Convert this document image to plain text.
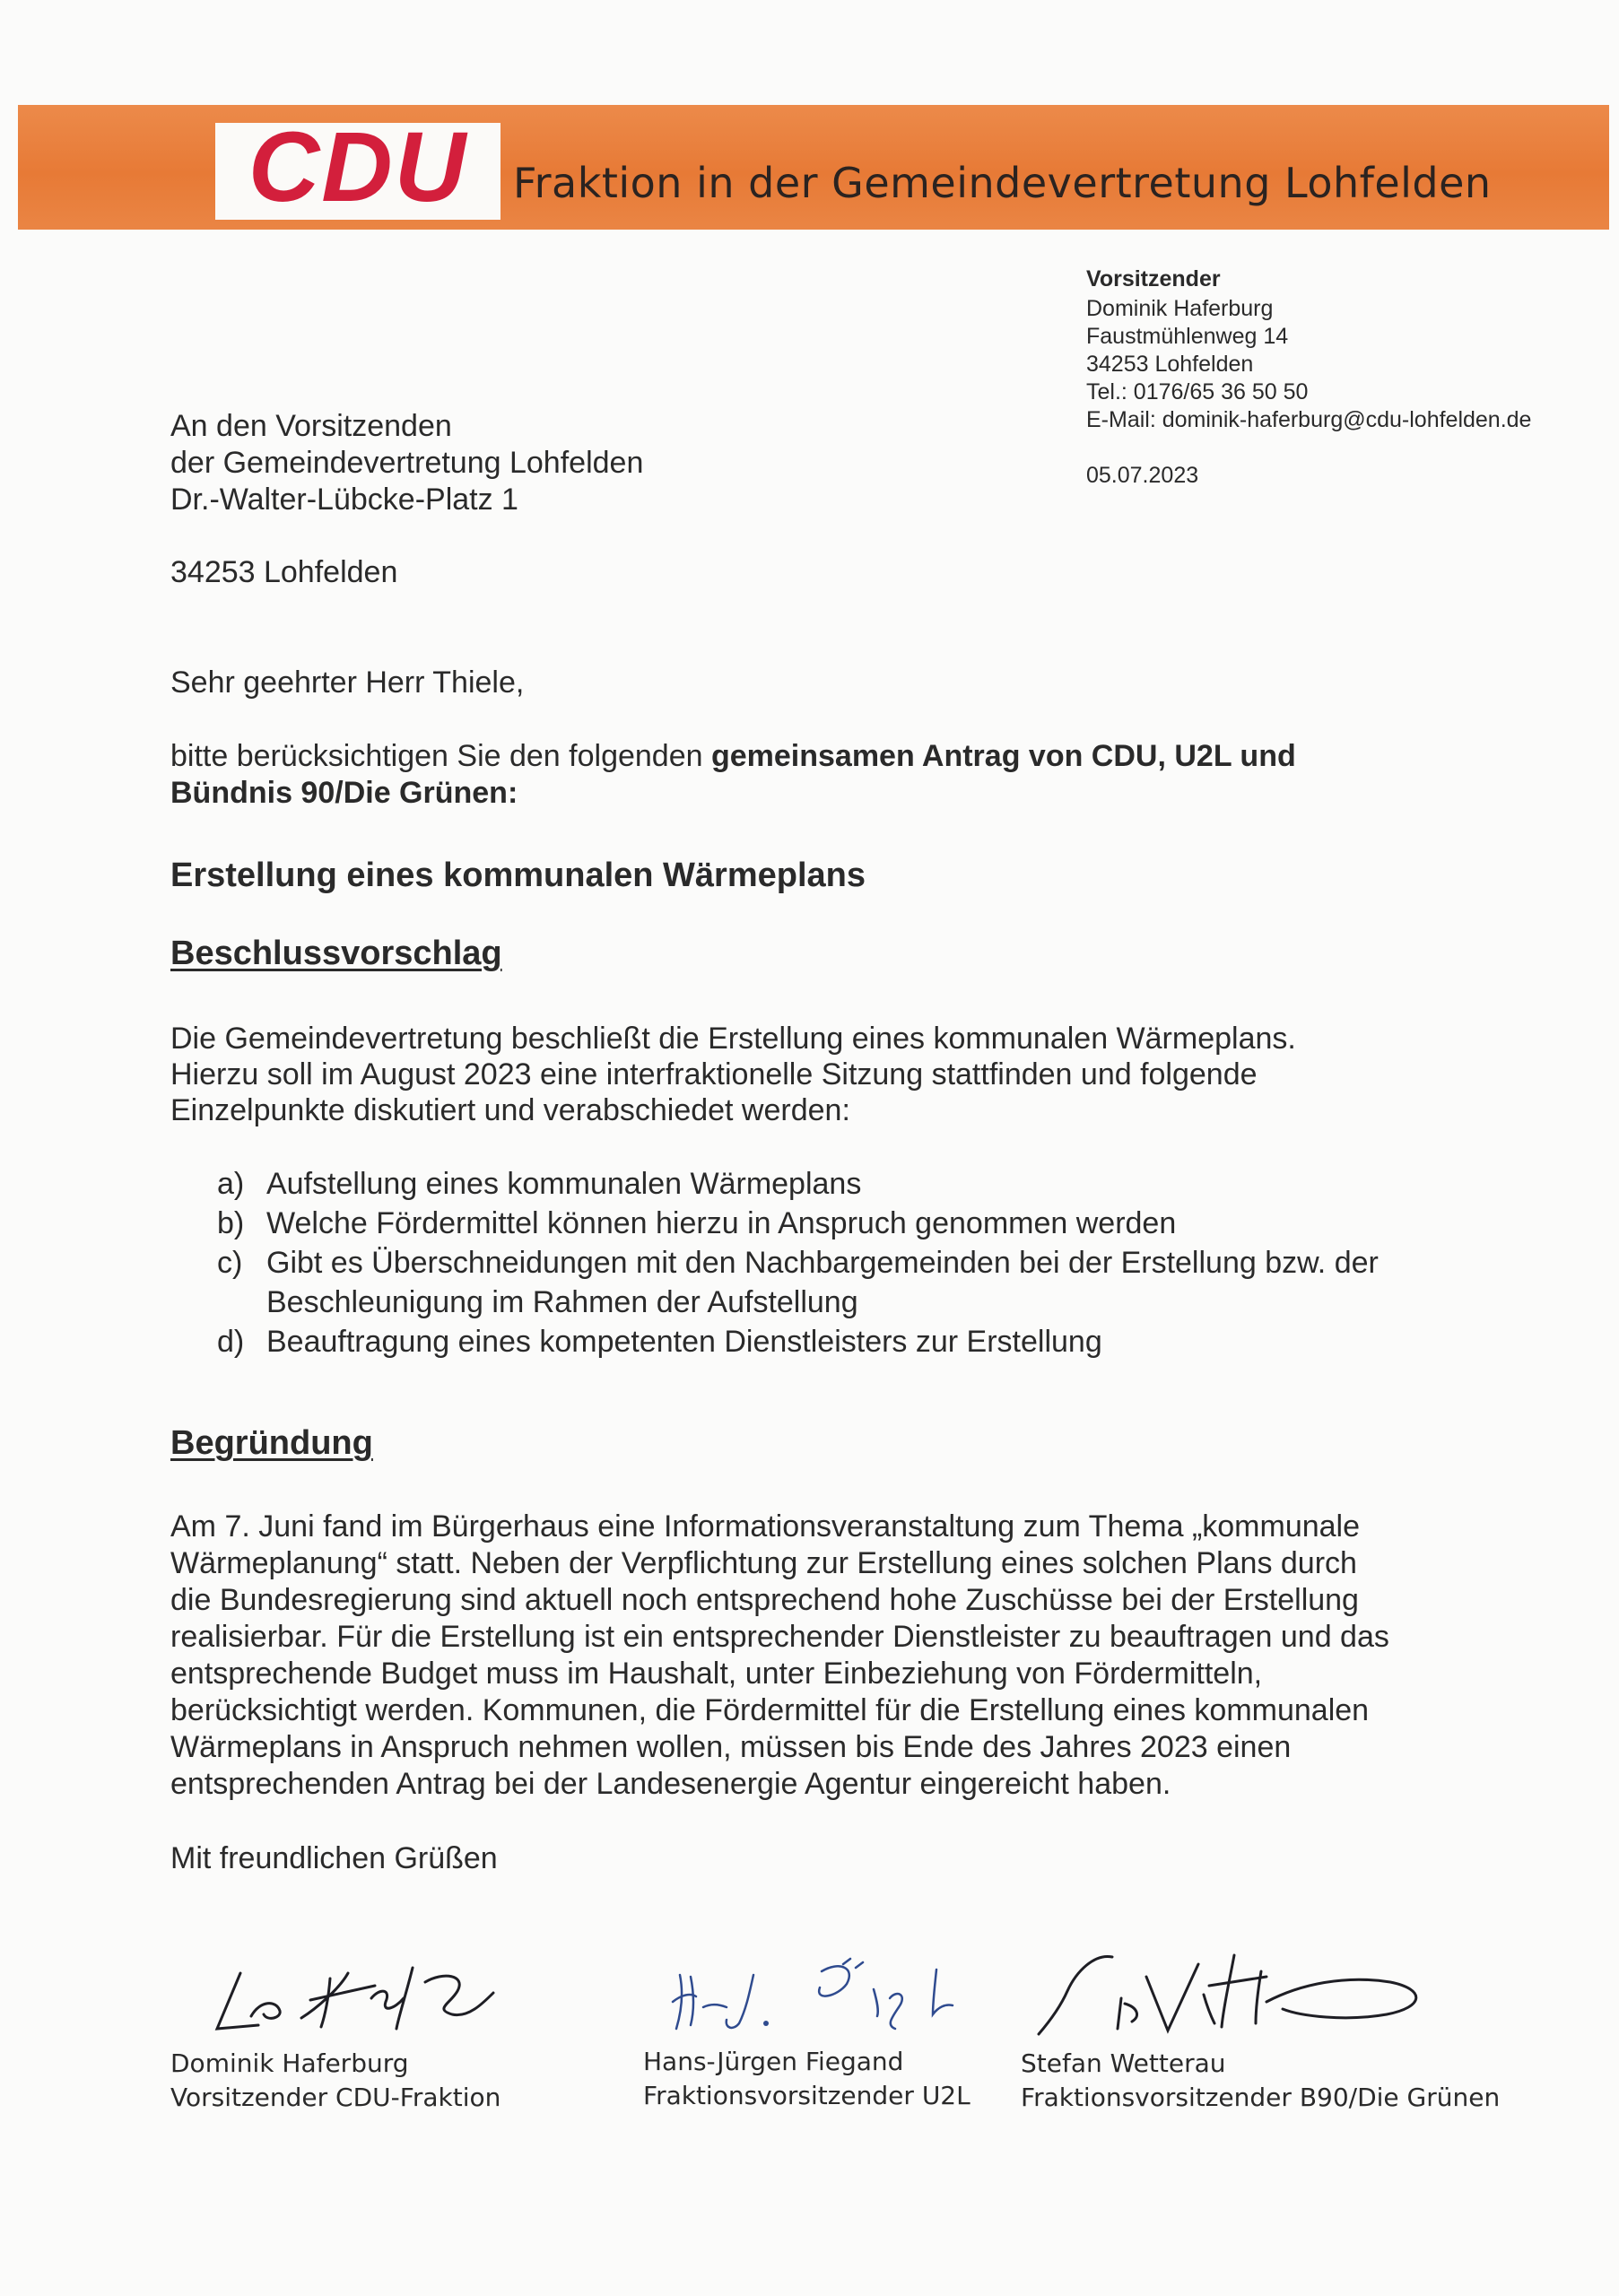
CDU	Fraktion in der Gemeindevertretung Lohfelden
Vorsitzender
Dominik Haferburg
Faustmühlenweg 14
34253 Lohfelden
Tel.: 0176/65 36 50 50
E-Mail: dominik-haferburg@cdu-lohfelden.de
05.07.2023
An den Vorsitzenden
der Gemeindevertretung Lohfelden
Dr.-Walter-Lübcke-Platz 1
34253 Lohfelden
Sehr geehrter Herr Thiele,
bitte berücksichtigen Sie den folgenden gemeinsamen Antrag von CDU, U2L und
Bündnis 90/Die Grünen:
Erstellung eines kommunalen Wärmeplans
Beschlussvorschlag
Die Gemeindevertretung beschließt die Erstellung eines kommunalen Wärmeplans.
Hierzu soll im August 2023 eine interfraktionelle Sitzung stattfinden und folgende
Einzelpunkte diskutiert und verabschiedet werden:
a) Aufstellung eines kommunalen Wärmeplans
b) Welche Fördermittel können hierzu in Anspruch genommen werden
c) Gibt es Überschneidungen mit den Nachbargemeinden bei der Erstellung bzw. der
Beschleunigung im Rahmen der Aufstellung
d) Beauftragung eines kompetenten Dienstleisters zur Erstellung
Begründung
Am 7. Juni fand im Bürgerhaus eine Informationsveranstaltung zum Thema „kommunale
Wärmeplanung“ statt. Neben der Verpflichtung zur Erstellung eines solchen Plans durch
die Bundesregierung sind aktuell noch entsprechend hohe Zuschüsse bei der Erstellung
realisierbar. Für die Erstellung ist ein entsprechender Dienstleister zu beauftragen und das
entsprechende Budget muss im Haushalt, unter Einbeziehung von Fördermitteln,
berücksichtigt werden. Kommunen, die Fördermittel für die Erstellung eines kommunalen
Wärmeplans in Anspruch nehmen wollen, müssen bis Ende des Jahres 2023 einen
entsprechenden Antrag bei der Landesenergie Agentur eingereicht haben.
Mit freundlichen Grüßen
Dominik Haferburg
Vorsitzender CDU-Fraktion
Hans-Jürgen Fiegand
Fraktionsvorsitzender U2L
Stefan Wetterau
Fraktionsvorsitzender B90/Die Grünen
